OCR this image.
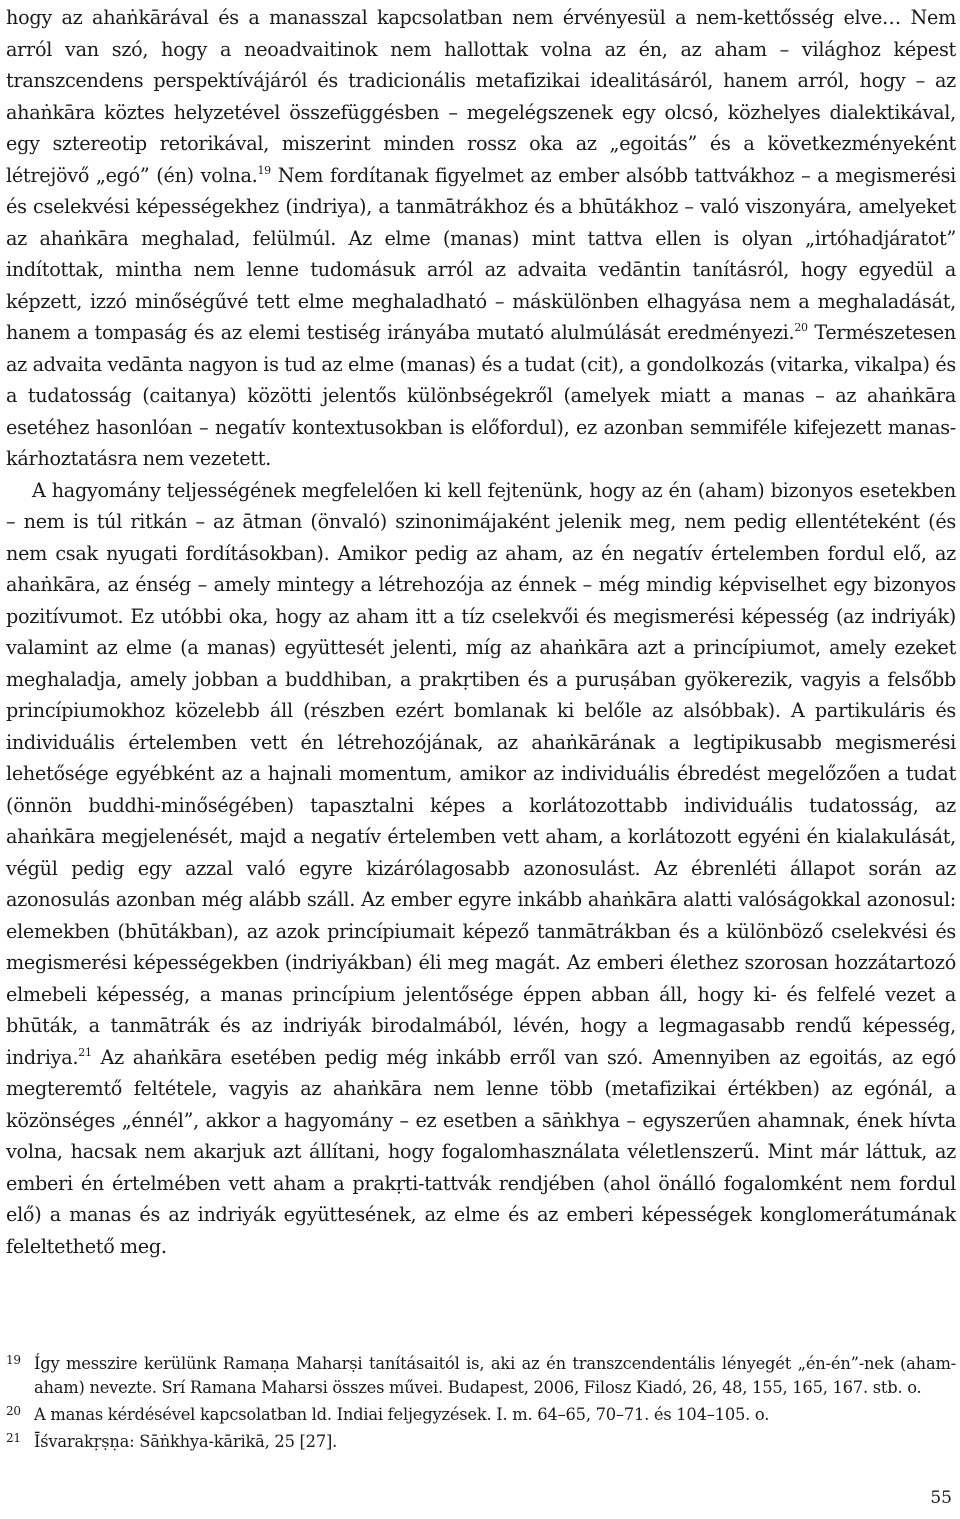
hogy az ahaṅkārával és a manasszal kapcsolatban nem érvényesül a nem-kettősség elve… Nem arról van szó, hogy a neoadvaitinok nem hallottak volna az én, az aham – világhoz képest transzcendens perspektívájáról és tradicionális metafizikai idealitásáról, hanem arról, hogy – az ahaṅkāra köztes helyzetével összefüggésben – megelégszenek egy olcsó, közhelyes dialektikával, egy sztereotip retorikával, miszerint minden rossz oka az „egoitás” és a következményeként létrejövő „egó” (én) volna.$^{19}$ Nem fordítanak figyelmet az ember alsóbb tattvákhoz – a megismerési és cselekvési képességekhez (indriya), a tanmātrákhoz és a bhūtákhoz – való viszonyára, amelyeket az ahaṅkāra meghalad, felülmúl. Az elme (manas) mint tattva ellen is olyan „irtóhadjáratot” indítottak, mintha nem lenne tudomásuk arról az advaita vedāntin tanításról, hogy egyedül a képzett, izzó minőségűvé tett elme meghaladható – máskülönben elhagyása nem a meghaladását, hanem a tompaság és az elemi testiség irányába mutató alulmúlását eredményezi.$^{20}$ Természetesen az advaita vedānta nagyon is tud az elme (manas) és a tudat (cit), a gondolkozás (vitarka, vikalpa) és a tudatosság (caitanya) közötti jelentős különbségekről (amelyek miatt a manas – az ahaṅkāra esetéhez hasonlóan – negatív kontextusokban is előfordul), ez azonban semmiféle kifejezett manas-kárhoztatásra nem vezetett.

A hagyomány teljességének megfelelően ki kell fejtenünk, hogy az én (aham) bizonyos esetekben – nem is túl ritkán – az ātman (önvaló) szinonimájaként jelenik meg, nem pedig ellentéteként (és nem csak nyugati fordításokban). Amikor pedig az aham, az én negatív értelemben fordul elő, az ahaṅkāra, az énség – amely mintegy a létrehozója az énnek – még mindig képviselhet egy bizonyos pozitívumot. Ez utóbbi oka, hogy az aham itt a tíz cselekvői és megismerési képesség (az indriyák) valamint az elme (a manas) együttesét jelenti, míg az ahaṅkāra azt a princípiumot, amely ezeket meghaladja, amely jobban a buddhiban, a prakṛtiben és a puruṣában gyökerezik, vagyis a felsőbb princípiumokhoz közelebb áll (részben ezért bomlanak ki belőle az alsóbbak). A partikuláris és individuális értelemben vett én létrehozójának, az ahaṅkārának a legtipikusabb megismerési lehetősége egyébként az a hajnali momentum, amikor az individuális ébredést megelőzően a tudat (önnön buddhi-minőségében) tapasztalni képes a korlátozottabb individuális tudatosság, az ahaṅkāra megjelenését, majd a negatív értelemben vett aham, a korlátozott egyéni én kialakulását, végül pedig egy azzal való egyre kizárólagosabb azonosulást. Az ébrenléti állapot során az azonosulás azonban még alább száll. Az ember egyre inkább ahaṅkāra alatti valóságokkal azonosul: elemekben (bhūtákban), az azok princípiumait képező tanmātrákban és a különböző cselekvési és megismerési képességekben (indriyákban) éli meg magát. Az emberi élethez szorosan hozzátartozó elmebeli képesség, a manas princípium jelentősége éppen abban áll, hogy ki- és felfelé vezet a bhūták, a tanmātrák és az indriyák birodalmából, lévén, hogy a legmagasabb rendű képesség, indriya.$^{21}$ Az ahaṅkāra esetében pedig még inkább erről van szó. Amennyiben az egoitás, az egó megteremtő feltétele, vagyis az ahaṅkāra nem lenne több (metafizikai értékben) az egónál, a közönséges „énnél”, akkor a hagyomány – ez esetben a sāṅkhya – egyszerűen ahamnak, ének hívta volna, hacsak nem akarjuk azt állítani, hogy fogalomhasználata véletlenszerű. Mint már láttuk, az emberi én értelmében vett aham a prakṛti-tattvák rendjében (ahol önálló fogalomként nem fordul elő) a manas és az indriyák együttesének, az elme és az emberi képességek konglomerátumának feleltethető meg.

19 Így messzire kerülünk Ramaṇa Maharṣi tanításaitól is, aki az én transzcendentális lényegét „én-én”-nek (aham-aham) nevezte. Srí Ramana Maharsi összes művei. Budapest, 2006, Filosz Kiadó, 26, 48, 155, 165, 167. stb. o.

20 A manas kérdésével kapcsolatban ld. Indiai feljegyzések. I. m. 64–65, 70–71. és 104–105. o.

21 Īśvarakṛṣṇa: Sāṅkhya-kārikā, 25 [27].

55
